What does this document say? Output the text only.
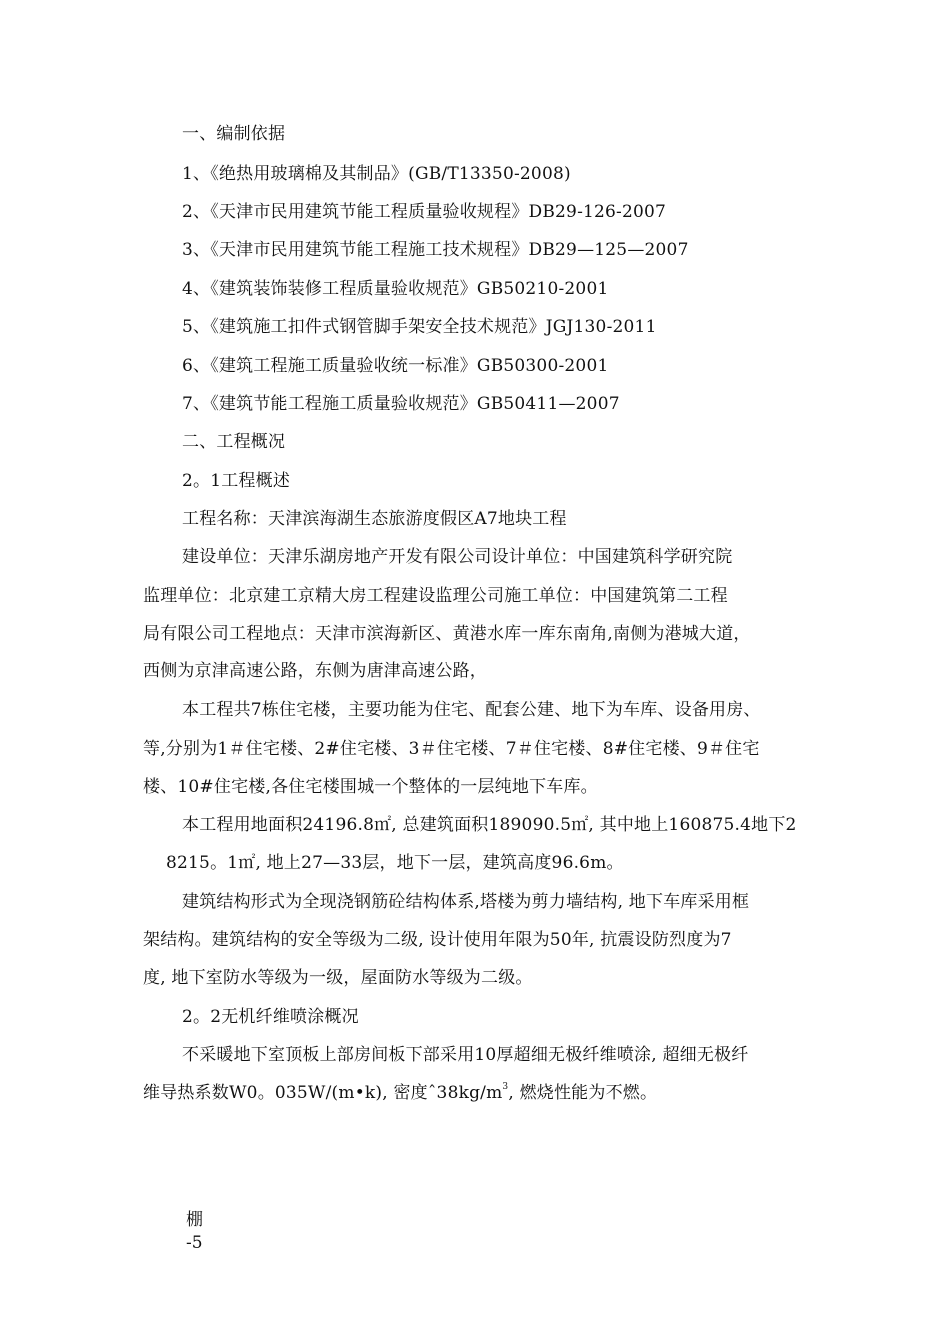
一、编制依据
1、《绝热用玻璃棉及其制品》(GB/T13350-2008)
2、《天津市民用建筑节能工程质量验收规程》DB29-126-2007
3、《天津市民用建筑节能工程施工技术规程》DB29—125—2007
4、《建筑装饰装修工程质量验收规范》GB50210-2001
5、《建筑施工扣件式钢管脚手架安全技术规范》JGJ130-2011
6、《建筑工程施工质量验收统一标准》GB50300-2001
7、《建筑节能工程施工质量验收规范》GB50411—2007
二、工程概况
2。1工程概述
工程名称：天津滨海湖生态旅游度假区A7地块工程
建设单位：天津乐湖房地产开发有限公司设计单位：中国建筑科学研究院
监理单位：北京建工京精大房工程建设监理公司施工单位：中国建筑第二工程
局有限公司工程地点：天津市滨海新区、黄港水库一库东南角,南侧为港城大道，
西侧为京津高速公路，东侧为唐津高速公路，
本工程共7栋住宅楼，主要功能为住宅、配套公建、地下为车库、设备用房、
等,分别为1＃住宅楼、2#住宅楼、3＃住宅楼、7＃住宅楼、8#住宅楼、9＃住宅
楼、10#住宅楼,各住宅楼围城一个整体的一层纯地下车库。
本工程用地面积24196.8㎡, 总建筑面积189090.5㎡, 其中地上160875.4地下2
8215。1㎡, 地上27—33层，地下一层，建筑高度96.6m。
建筑结构形式为全现浇钢筋砼结构体系,塔楼为剪力墙结构, 地下车库采用框
架结构。建筑结构的安全等级为二级, 设计使用年限为50年, 抗震设防烈度为7
度, 地下室防水等级为一级，屋面防水等级为二级。
2。2无机纤维喷涂概况
不采暖地下室顶板上部房间板下部采用10厚超细无极纤维喷涂, 超细无极纤
维导热系数W0。035W/(m•k), 密度$ˆ38kg/m^3$, 燃烧性能为不燃。
棚
-5
